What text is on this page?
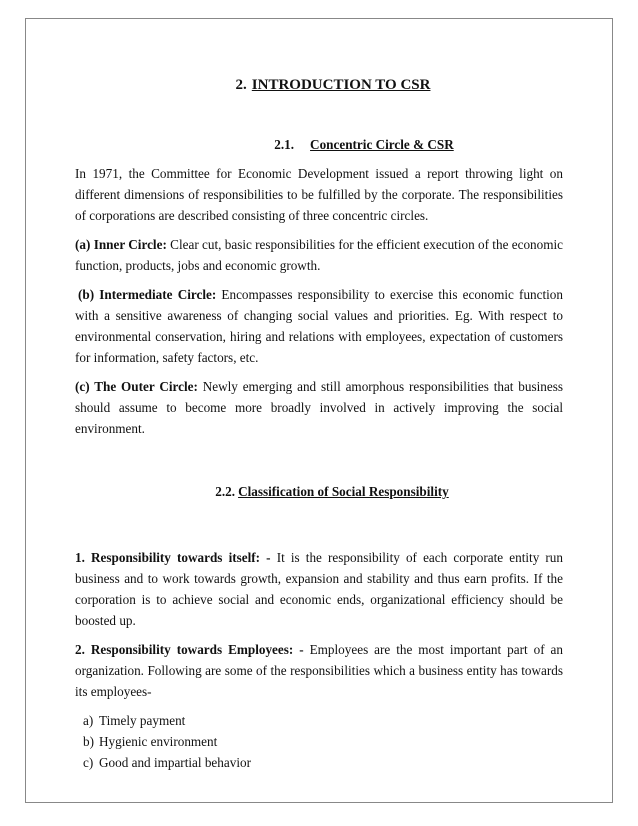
2. INTRODUCTION TO CSR
2.1. Concentric Circle & CSR

In 1971, the Committee for Economic Development issued a report throwing light on different dimensions of responsibilities to be fulfilled by the corporate. The responsibilities of corporations are described consisting of three concentric circles.

(a) Inner Circle: Clear cut, basic responsibilities for the efficient execution of the economic function, products, jobs and economic growth.

(b) Intermediate Circle: Encompasses responsibility to exercise this economic function with a sensitive awareness of changing social values and priorities. Eg. With respect to environmental conservation, hiring and relations with employees, expectation of customers for information, safety factors, etc.

(c) The Outer Circle: Newly emerging and still amorphous responsibilities that business should assume to become more broadly involved in actively improving the social environment.

2.2. Classification of Social Responsibility

1. Responsibility towards itself: - It is the responsibility of each corporate entity run business and to work towards growth, expansion and stability and thus earn profits. If the corporation is to achieve social and economic ends, organizational efficiency should be boosted up.

2. Responsibility towards Employees: - Employees are the most important part of an organization. Following are some of the responsibilities which a business entity has towards its employees-

a) Timely payment
b) Hygienic environment
c) Good and impartial behavior
